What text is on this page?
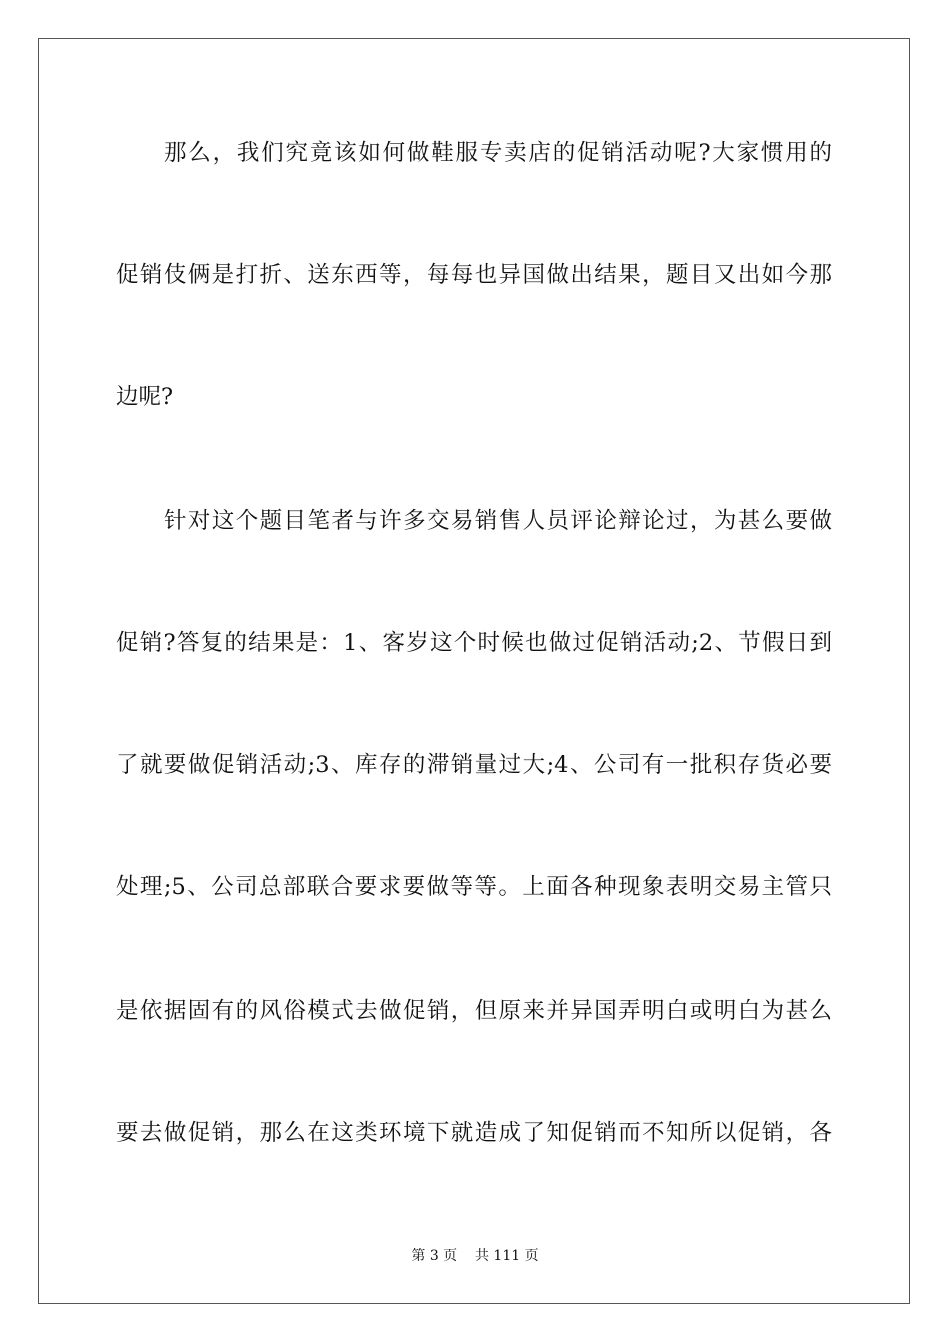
那么，我们究竟该如何做鞋服专卖店的促销活动呢?大家惯用的
促销伎俩是打折、送东西等，每每也异国做出结果，题目又出如今那
边呢?
针对这个题目笔者与许多交易销售人员评论辩论过，为甚么要做
促销?答复的结果是：1、客岁这个时候也做过促销活动;2、节假日到
了就要做促销活动;3、库存的滞销量过大;4、公司有一批积存货必要
处理;5、公司总部联合要求要做等等。上面各种现象表明交易主管只
是依据固有的风俗模式去做促销，但原来并异国弄明白或明白为甚么
要去做促销，那么在这类环境下就造成了知促销而不知所以促销，各
第 3 页    共 111 页
